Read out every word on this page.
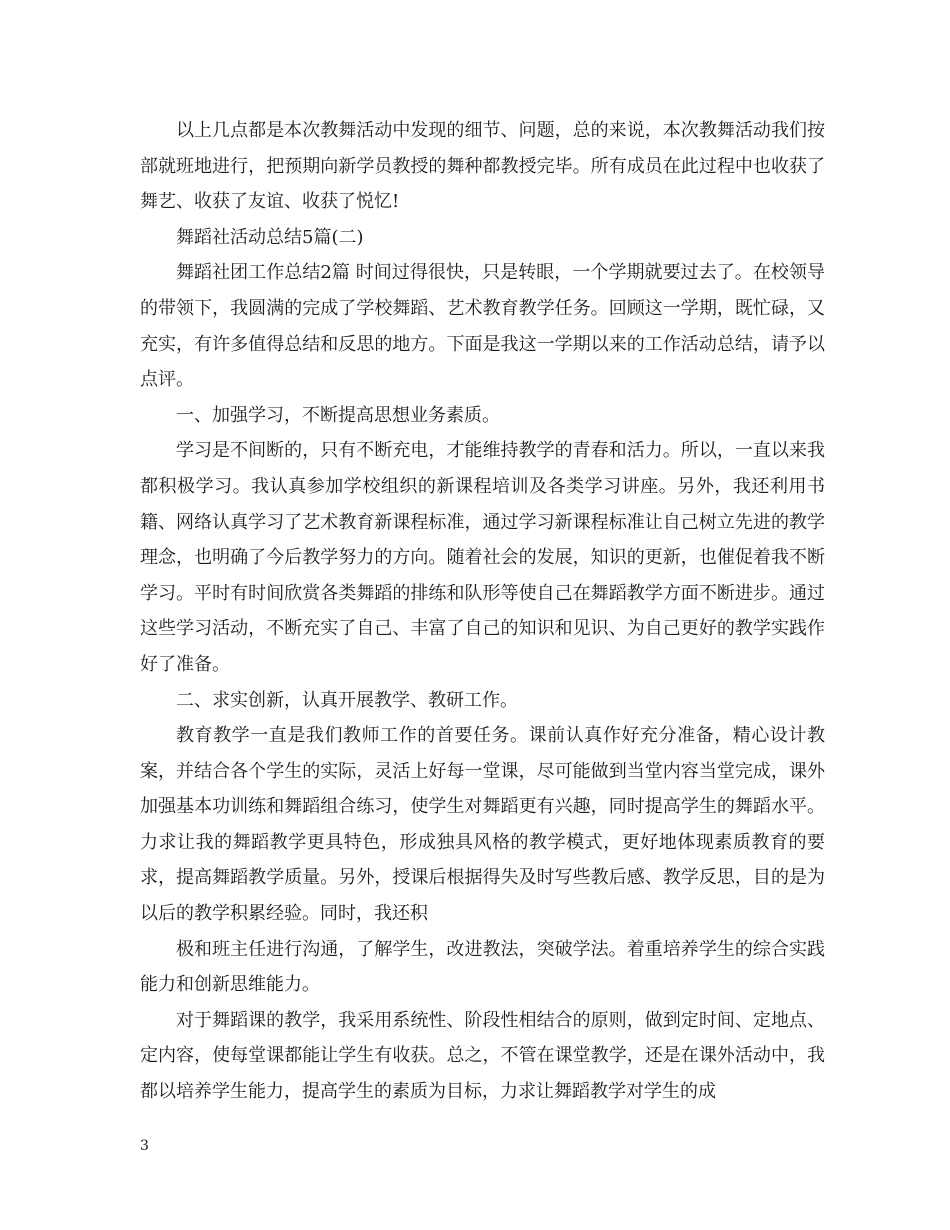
以上几点都是本次教舞活动中发现的细节、问题，总的来说，本次教舞活动我们按部就班地进行，把预期向新学员教授的舞种都教授完毕。所有成员在此过程中也收获了舞艺、收获了友谊、收获了悦忆!

舞蹈社活动总结5篇(二)

舞蹈社团工作总结2篇 时间过得很快，只是转眼，一个学期就要过去了。在校领导的带领下，我圆满的完成了学校舞蹈、艺术教育教学任务。回顾这一学期，既忙碌，又充实，有许多值得总结和反思的地方。下面是我这一学期以来的工作活动总结，请予以点评。

一、加强学习，不断提高思想业务素质。

学习是不间断的，只有不断充电，才能维持教学的青春和活力。所以，一直以来我都积极学习。我认真参加学校组织的新课程培训及各类学习讲座。另外，我还利用书籍、网络认真学习了艺术教育新课程标准，通过学习新课程标准让自己树立先进的教学理念，也明确了今后教学努力的方向。随着社会的发展，知识的更新，也催促着我不断学习。平时有时间欣赏各类舞蹈的排练和队形等使自己在舞蹈教学方面不断进步。通过这些学习活动，不断充实了自己、丰富了自己的知识和见识、为自己更好的教学实践作好了准备。

二、求实创新，认真开展教学、教研工作。

教育教学一直是我们教师工作的首要任务。课前认真作好充分准备，精心设计教案，并结合各个学生的实际，灵活上好每一堂课，尽可能做到当堂内容当堂完成，课外加强基本功训练和舞蹈组合练习，使学生对舞蹈更有兴趣，同时提高学生的舞蹈水平。力求让我的舞蹈教学更具特色，形成独具风格的教学模式，更好地体现素质教育的要求，提高舞蹈教学质量。另外，授课后根据得失及时写些教后感、教学反思，目的是为以后的教学积累经验。同时，我还积

极和班主任进行沟通，了解学生，改进教法，突破学法。着重培养学生的综合实践能力和创新思维能力。

对于舞蹈课的教学，我采用系统性、阶段性相结合的原则，做到定时间、定地点、定内容，使每堂课都能让学生有收获。总之，不管在课堂教学，还是在课外活动中，我都以培养学生能力，提高学生的素质为目标，力求让舞蹈教学对学生的成

3
